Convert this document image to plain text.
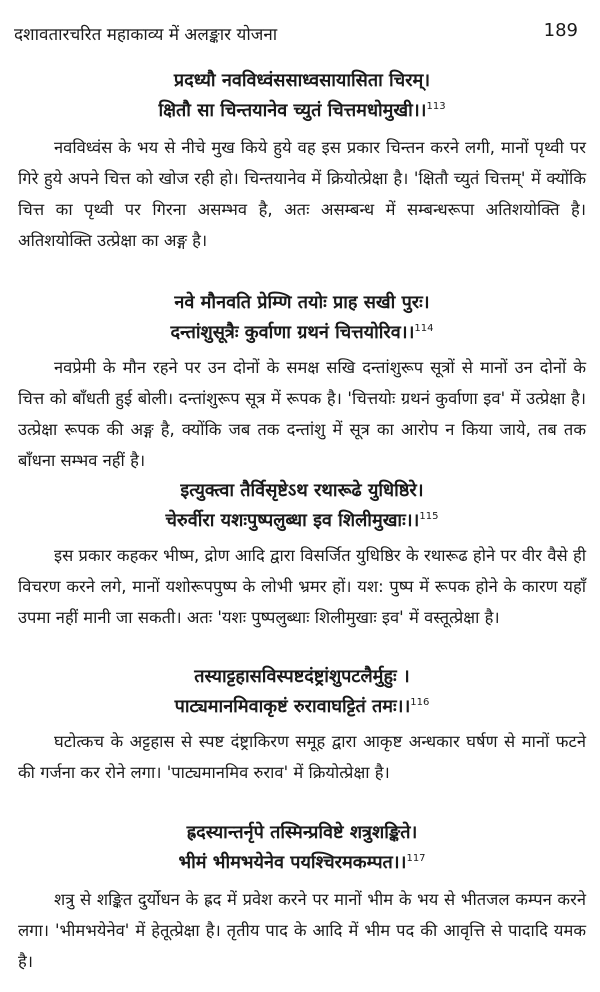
दशावतारचरित महाकाव्य में अलङ्कार योजना	189
प्रदध्यौ नवविध्वंससाध्वसायासिता चिरम्।
क्षितौ सा चिन्तयानेव च्युतं चित्तमधोमुखी।।$^{113}$

नवविध्वंस के भय से नीचे मुख किये हुये वह इस प्रकार चिन्तन करने लगी, मानों पृथ्वी पर गिरे हुये अपने चित्त को खोज रही हो। चिन्तयानेव में क्रियोत्प्रेक्षा है। 'क्षितौ च्युतं चित्तम्' में क्योंकि चित्त का पृथ्वी पर गिरना असम्भव है, अतः असम्बन्ध में सम्बन्धरूपा अतिशयोक्ति है। अतिशयोक्ति उत्प्रेक्षा का अङ्ग है।

नवे मौनवति प्रेम्णि तयोः प्राह सखी पुरः।
दन्तांशुसूत्रैः कुर्वाणा ग्रथनं चित्तयोरिव।।$^{114}$

नवप्रेमी के मौन रहने पर उन दोनों के समक्ष सखि दन्तांशुरूप सूत्रों से मानों उन दोनों के चित्त को बाँधती हुई बोली। दन्तांशुरूप सूत्र में रूपक है। 'चित्तयोः ग्रथनं कुर्वाणा इव' में उत्प्रेक्षा है। उत्प्रेक्षा रूपक की अङ्ग है, क्योंकि जब तक दन्तांशु में सूत्र का आरोप न किया जाये, तब तक बाँधना सम्भव नहीं है।

इत्युक्त्वा तैर्विसृष्टेऽथ रथारूढे युधिष्ठिरे।
चेरुर्वीरा यशःपुष्पलुब्धा इव शिलीमुखाः।।$^{115}$

इस प्रकार कहकर भीष्म, द्रोण आदि द्वारा विसर्जित युधिष्ठिर के रथारूढ होने पर वीर वैसे ही विचरण करने लगे, मानों यशोरूपपुष्प के लोभी भ्रमर हों। यश: पुष्प में रूपक होने के कारण यहाँ उपमा नहीं मानी जा सकती। अतः 'यशः पुष्पलुब्धाः शिलीमुखाः इव' में वस्तूत्प्रेक्षा है।

तस्याट्टहासविस्पष्टदंष्ट्रांशुपटलैर्मुहुः ।
पाट्यमानमिवाकृष्टं रुरावाघट्टितं तमः।।$^{116}$

घटोत्कच के अट्टहास से स्पष्ट दंष्ट्राकिरण समूह द्वारा आकृष्ट अन्धकार घर्षण से मानों फटने की गर्जना कर रोने लगा। 'पाट्यमानमिव रुराव' में क्रियोत्प्रेक्षा है।

ह्रदस्यान्तर्नृपे तस्मिन्प्रविष्टे शत्रुशङ्किते।
भीमं भीमभयेनेव पयश्चिरमकम्पत।।$^{117}$

शत्रु से शङ्कित दुर्योधन के ह्रद में प्रवेश करने पर मानों भीम के भय से भीतजल कम्पन करने लगा। 'भीमभयेनेव' में हेतूत्प्रेक्षा है। तृतीय पाद के आदि में भीम पद की आवृत्ति से पादादि यमक है।
